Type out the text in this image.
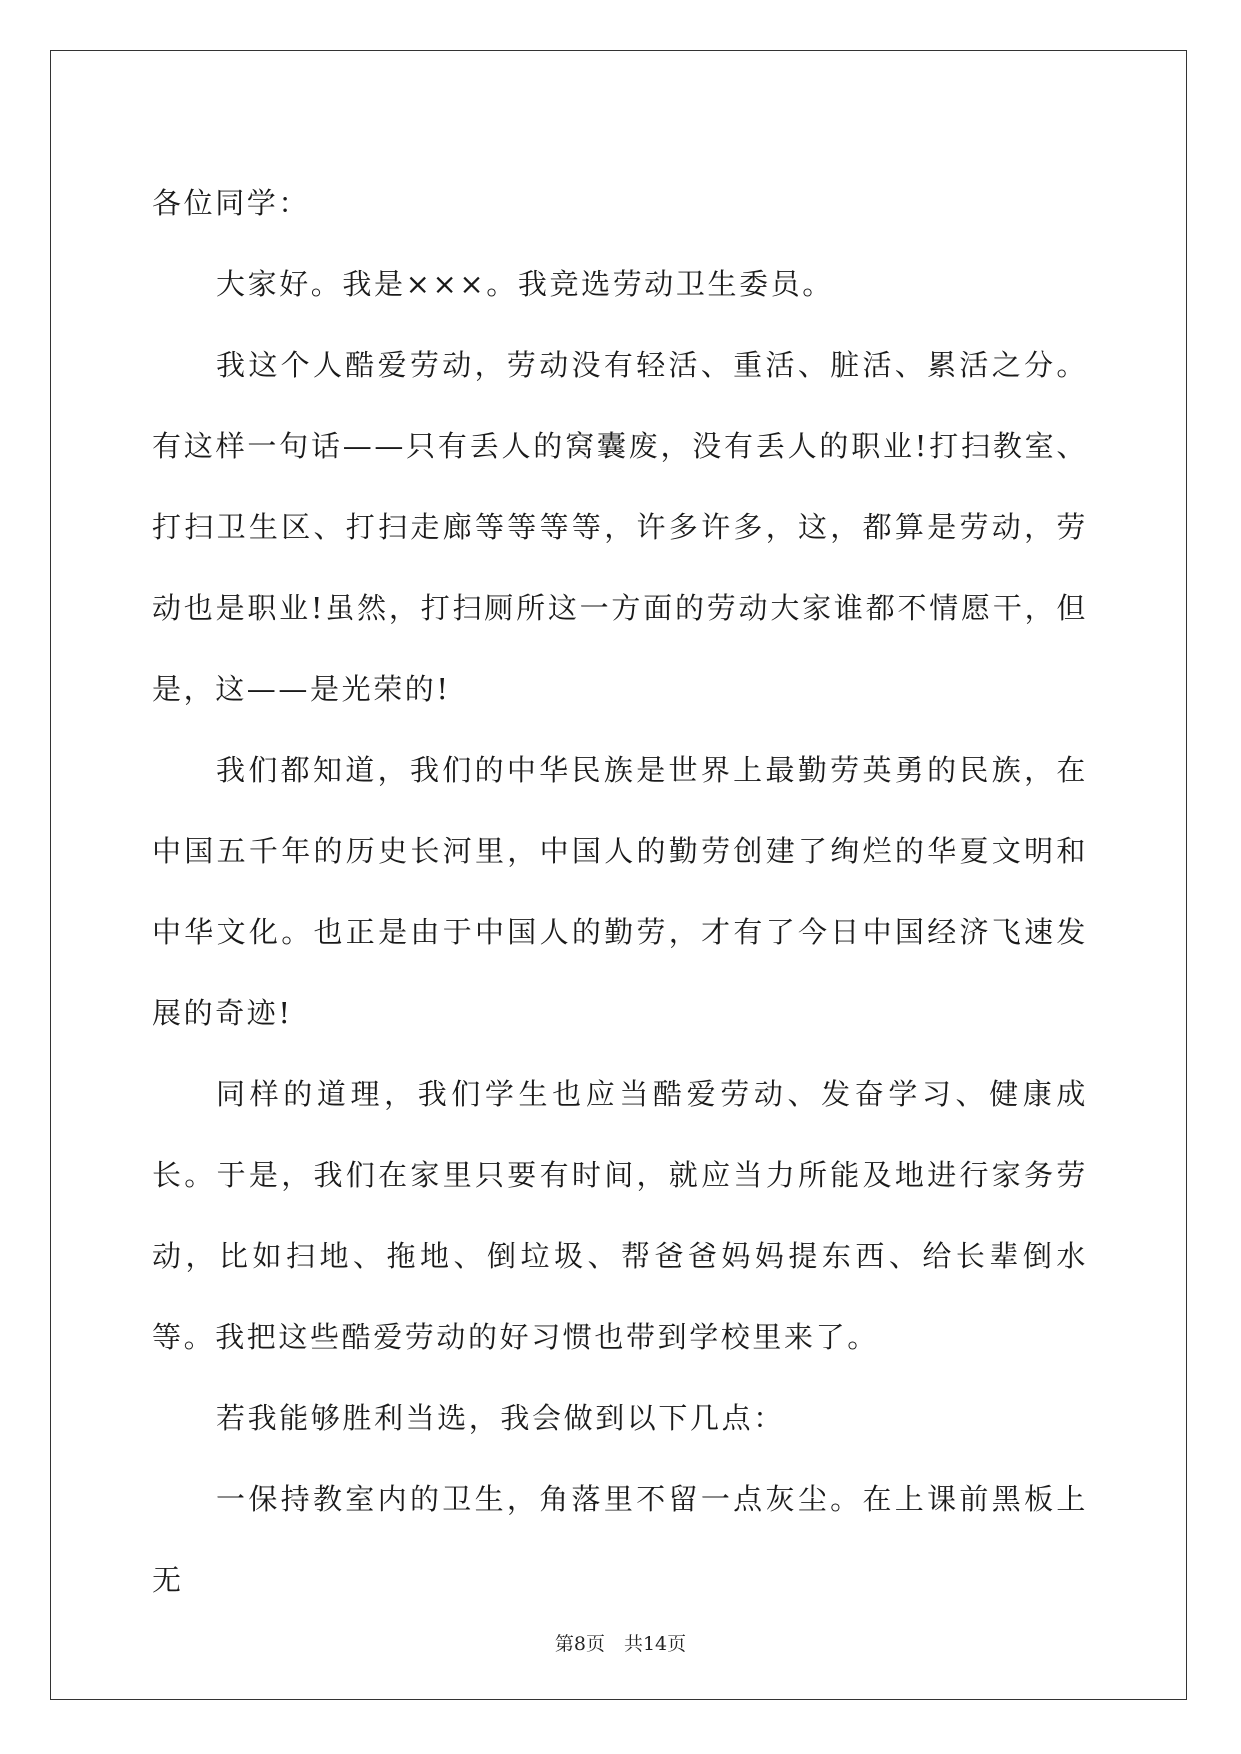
各位同学：

大家好。我是×××。我竞选劳动卫生委员。

我这个人酷爱劳动，劳动没有轻活、重活、脏活、累活之分。有这样一句话——只有丢人的窝囊废，没有丢人的职业!打扫教室、打扫卫生区、打扫走廊等等等等，许多许多，这，都算是劳动，劳动也是职业!虽然，打扫厕所这一方面的劳动大家谁都不情愿干，但是，这——是光荣的!

我们都知道，我们的中华民族是世界上最勤劳英勇的民族，在中国五千年的历史长河里，中国人的勤劳创建了绚烂的华夏文明和中华文化。也正是由于中国人的勤劳，才有了今日中国经济飞速发展的奇迹!

同样的道理，我们学生也应当酷爱劳动、发奋学习、健康成长。于是，我们在家里只要有时间，就应当力所能及地进行家务劳动，比如扫地、拖地、倒垃圾、帮爸爸妈妈提东西、给长辈倒水等。我把这些酷爱劳动的好习惯也带到学校里来了。

若我能够胜利当选，我会做到以下几点：

一保持教室内的卫生，角落里不留一点灰尘。在上课前黑板上无

第8页　共14页
